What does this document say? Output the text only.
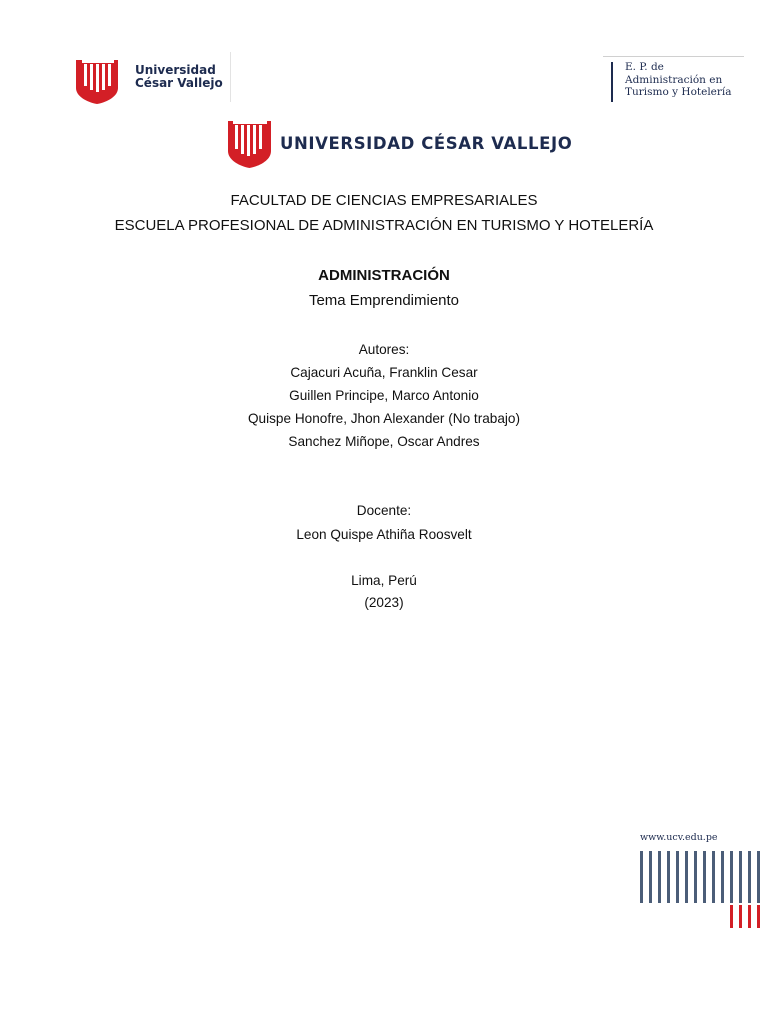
Universidad
César Vallejo
E. P. de
Administración en
Turismo y Hotelería
UNIVERSIDAD CÉSAR VALLEJO
FACULTAD DE CIENCIAS EMPRESARIALES
ESCUELA PROFESIONAL DE ADMINISTRACIÓN EN TURISMO Y HOTELERÍA
ADMINISTRACIÓN
Tema Emprendimiento
Autores:
Cajacuri Acuña, Franklin Cesar
Guillen Principe, Marco Antonio
Quispe Honofre, Jhon Alexander (No trabajo)
Sanchez Miñope, Oscar Andres
Docente:
Leon Quispe Athiña Roosvelt
Lima, Perú
(2023)
www.ucv.edu.pe
